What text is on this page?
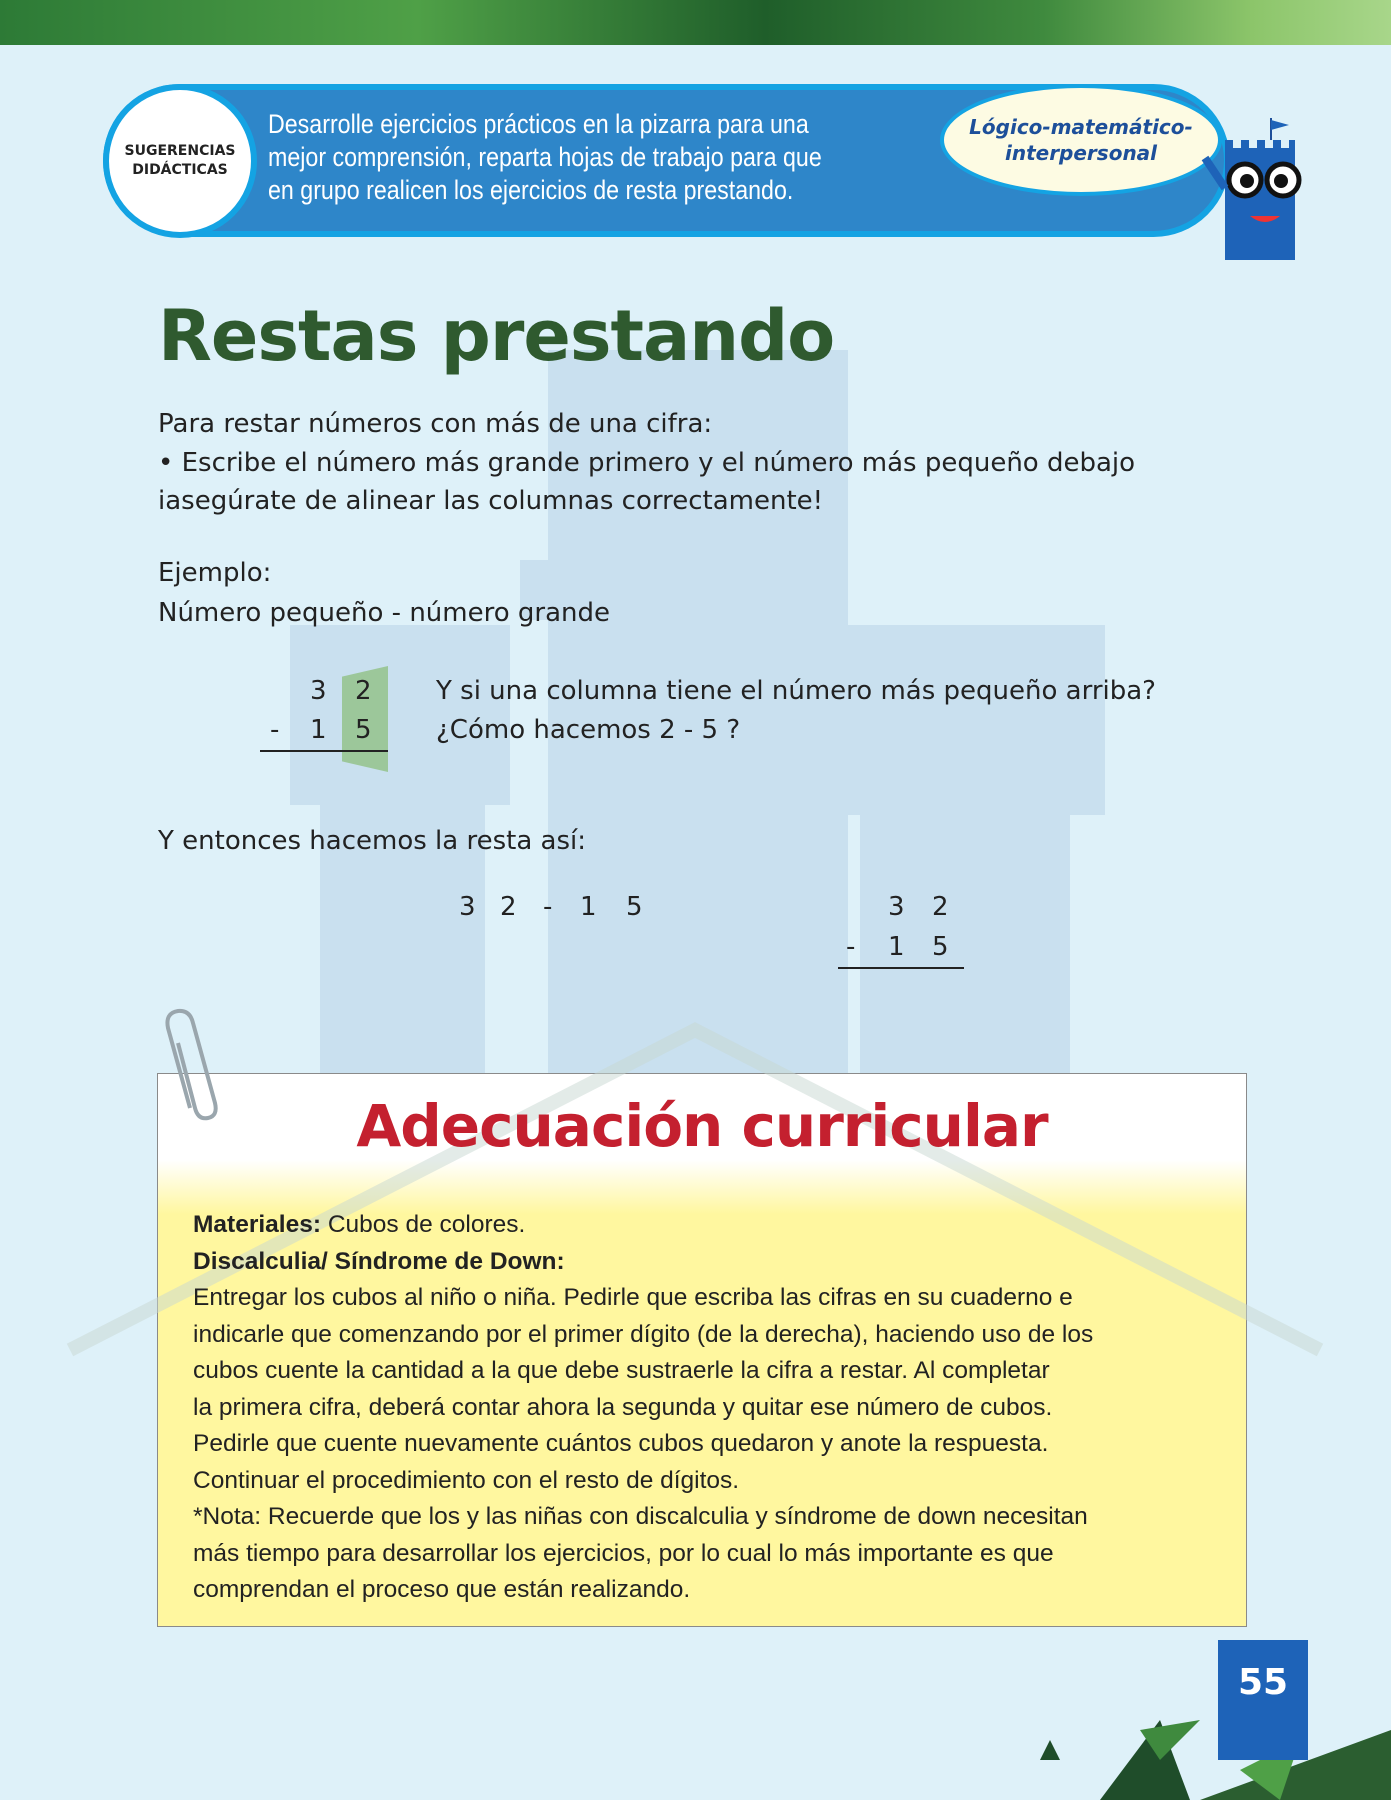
SUGERENCIAS
DIDÁCTICAS
Desarrolle ejercicios prácticos en la pizarra para una
mejor comprensión, reparta hojas de trabajo para que
en grupo realicen los ejercicios de resta prestando.
Lógico-matemático-
interpersonal
Restas prestando
Para restar números con más de una cifra:
• Escribe el número más grande primero y el número más pequeño debajo
iasegúrate de alinear las columnas correctamente!
Ejemplo:
Número pequeño - número grande
3 2
- 1 5
Y si una columna tiene el número más pequeño arriba?
¿Cómo hacemos 2 - 5 ?
Y entonces hacemos la resta así:
3 2 - 1 5	3 2
- 1 5
Adecuación curricular
Materiales: Cubos de colores.
Discalculia/ Síndrome de Down:
Entregar los cubos al niño o niña. Pedirle que escriba las cifras en su cuaderno e
indicarle que comenzando por el primer dígito (de la derecha), haciendo uso de los
cubos cuente la cantidad a la que debe sustraerle la cifra a restar. Al completar
la primera cifra, deberá contar ahora la segunda y quitar ese número de cubos.
Pedirle que cuente nuevamente cuántos cubos quedaron y anote la respuesta.
Continuar el procedimiento con el resto de dígitos.
*Nota: Recuerde que los y las niñas con discalculia y síndrome de down necesitan
más tiempo para desarrollar los ejercicios, por lo cual lo más importante es que
comprendan el proceso que están realizando.
55
